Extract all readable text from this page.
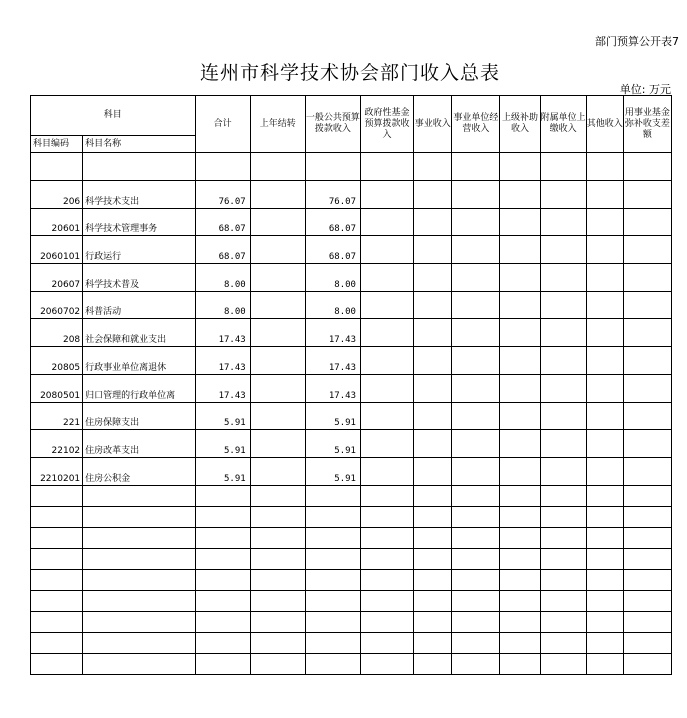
部门预算公开表7
连州市科学技术协会部门收入总表
单位: 万元
科目		合计	上年结转	一般公共预算拨款收入	政府性基金预算拨款收入	事业收入	事业单位经营收入	上级补助收入	附属单位上缴收入	其他收入	用事业基金弥补收支差额
科目编码	科目名称										

206	科学技术支出	76.07		76.07							
20601	科学技术管理事务	68.07		68.07							
2060101	行政运行	68.07		68.07							
20607	科学技术普及	8.00		8.00							
2060702	科普活动	8.00		8.00							
208	社会保障和就业支出	17.43		17.43							
20805	行政事业单位离退休	17.43		17.43							
2080501	归口管理的行政单位离	17.43		17.43							
221	住房保障支出	5.91		5.91							
22102	住房改革支出	5.91		5.91							
2210201	住房公积金	5.91		5.91							
